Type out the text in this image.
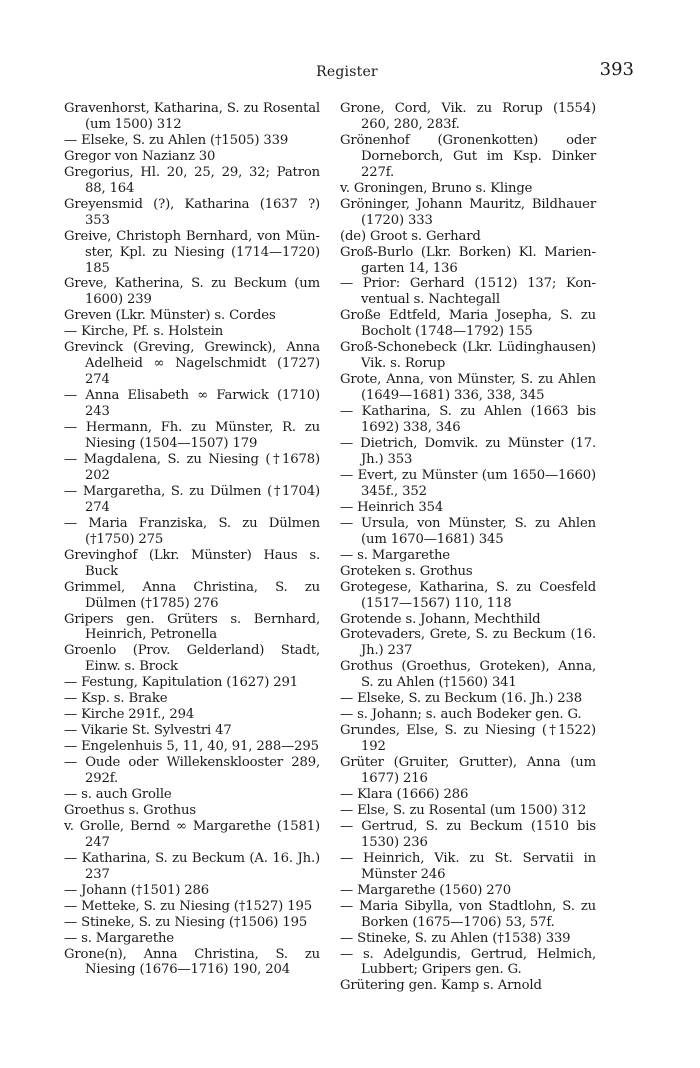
Register	393
Gravenhorst, Katharina, S. zu Rosental (um 1500) 312
— Elseke, S. zu Ahlen (†1505) 339
Gregor von Nazianz 30
Gregorius, Hl. 20, 25, 29, 32; Patron 88, 164
Greyensmid (?), Katharina (1637 ?) 353
Greive, Christoph Bernhard, von Münster, Kpl. zu Niesing (1714—1720) 185
Greve, Katherina, S. zu Beckum (um 1600) 239
Greven (Lkr. Münster) s. Cordes
— Kirche, Pf. s. Holstein
Grevinck (Greving, Grewinck), Anna Adelheid ∞ Nagelschmidt (1727) 274
— Anna Elisabeth ∞ Farwick (1710) 243
— Hermann, Fh. zu Münster, R. zu Niesing (1504—1507) 179
— Magdalena, S. zu Niesing (†1678) 202
— Margaretha, S. zu Dülmen (†1704) 274
— Maria Franziska, S. zu Dülmen (†1750) 275
Grevinghof (Lkr. Münster) Haus s. Buck
Grimmel, Anna Christina, S. zu Dülmen (†1785) 276
Gripers gen. Grüters s. Bernhard, Heinrich, Petronella
Groenlo (Prov. Gelderland) Stadt, Einw. s. Brock
— Festung, Kapitulation (1627) 291
— Ksp. s. Brake
— Kirche 291f., 294
— Vikarie St. Sylvestri 47
— Engelenhuis 5, 11, 40, 91, 288—295
— Oude oder Willekensklooster 289, 292f.
— s. auch Grolle
Groethus s. Grothus
v. Grolle, Bernd ∞ Margarethe (1581) 247
— Katharina, S. zu Beckum (A. 16. Jh.) 237
— Johann (†1501) 286
— Metteke, S. zu Niesing (†1527) 195
— Stineke, S. zu Niesing (†1506) 195
— s. Margarethe
Grone(n), Anna Christina, S. zu Niesing (1676—1716) 190, 204
Grone, Cord, Vik. zu Rorup (1554) 260, 280, 283f.
Grönenhof (Gronenkotten) oder Dorneborch, Gut im Ksp. Dinker 227f.
v. Groningen, Bruno s. Klinge
Gröninger, Johann Mauritz, Bildhauer (1720) 333
(de) Groot s. Gerhard
Groß-Burlo (Lkr. Borken) Kl. Mariengarten 14, 136
— Prior: Gerhard (1512) 137; Konventual s. Nachtegall
Große Edtfeld, Maria Josepha, S. zu Bocholt (1748—1792) 155
Groß-Schonebeck (Lkr. Lüdinghausen) Vik. s. Rorup
Grote, Anna, von Münster, S. zu Ahlen (1649—1681) 336, 338, 345
— Katharina, S. zu Ahlen (1663 bis 1692) 338, 346
— Dietrich, Domvik. zu Münster (17. Jh.) 353
— Evert, zu Münster (um 1650—1660) 345f., 352
— Heinrich 354
— Ursula, von Münster, S. zu Ahlen (um 1670—1681) 345
— s. Margarethe
Groteken s. Grothus
Grotegese, Katharina, S. zu Coesfeld (1517—1567) 110, 118
Grotende s. Johann, Mechthild
Grotevaders, Grete, S. zu Beckum (16. Jh.) 237
Grothus (Groethus, Groteken), Anna, S. zu Ahlen (†1560) 341
— Elseke, S. zu Beckum (16. Jh.) 238
— s. Johann; s. auch Bodeker gen. G.
Grundes, Else, S. zu Niesing (†1522) 192
Grüter (Gruiter, Grutter), Anna (um 1677) 216
— Klara (1666) 286
— Else, S. zu Rosental (um 1500) 312
— Gertrud, S. zu Beckum (1510 bis 1530) 236
— Heinrich, Vik. zu St. Servatii in Münster 246
— Margarethe (1560) 270
— Maria Sibylla, von Stadtlohn, S. zu Borken (1675—1706) 53, 57f.
— Stineke, S. zu Ahlen (†1538) 339
— s. Adelgundis, Gertrud, Helmich, Lubbert; Gripers gen. G.
Grütering gen. Kamp s. Arnold
